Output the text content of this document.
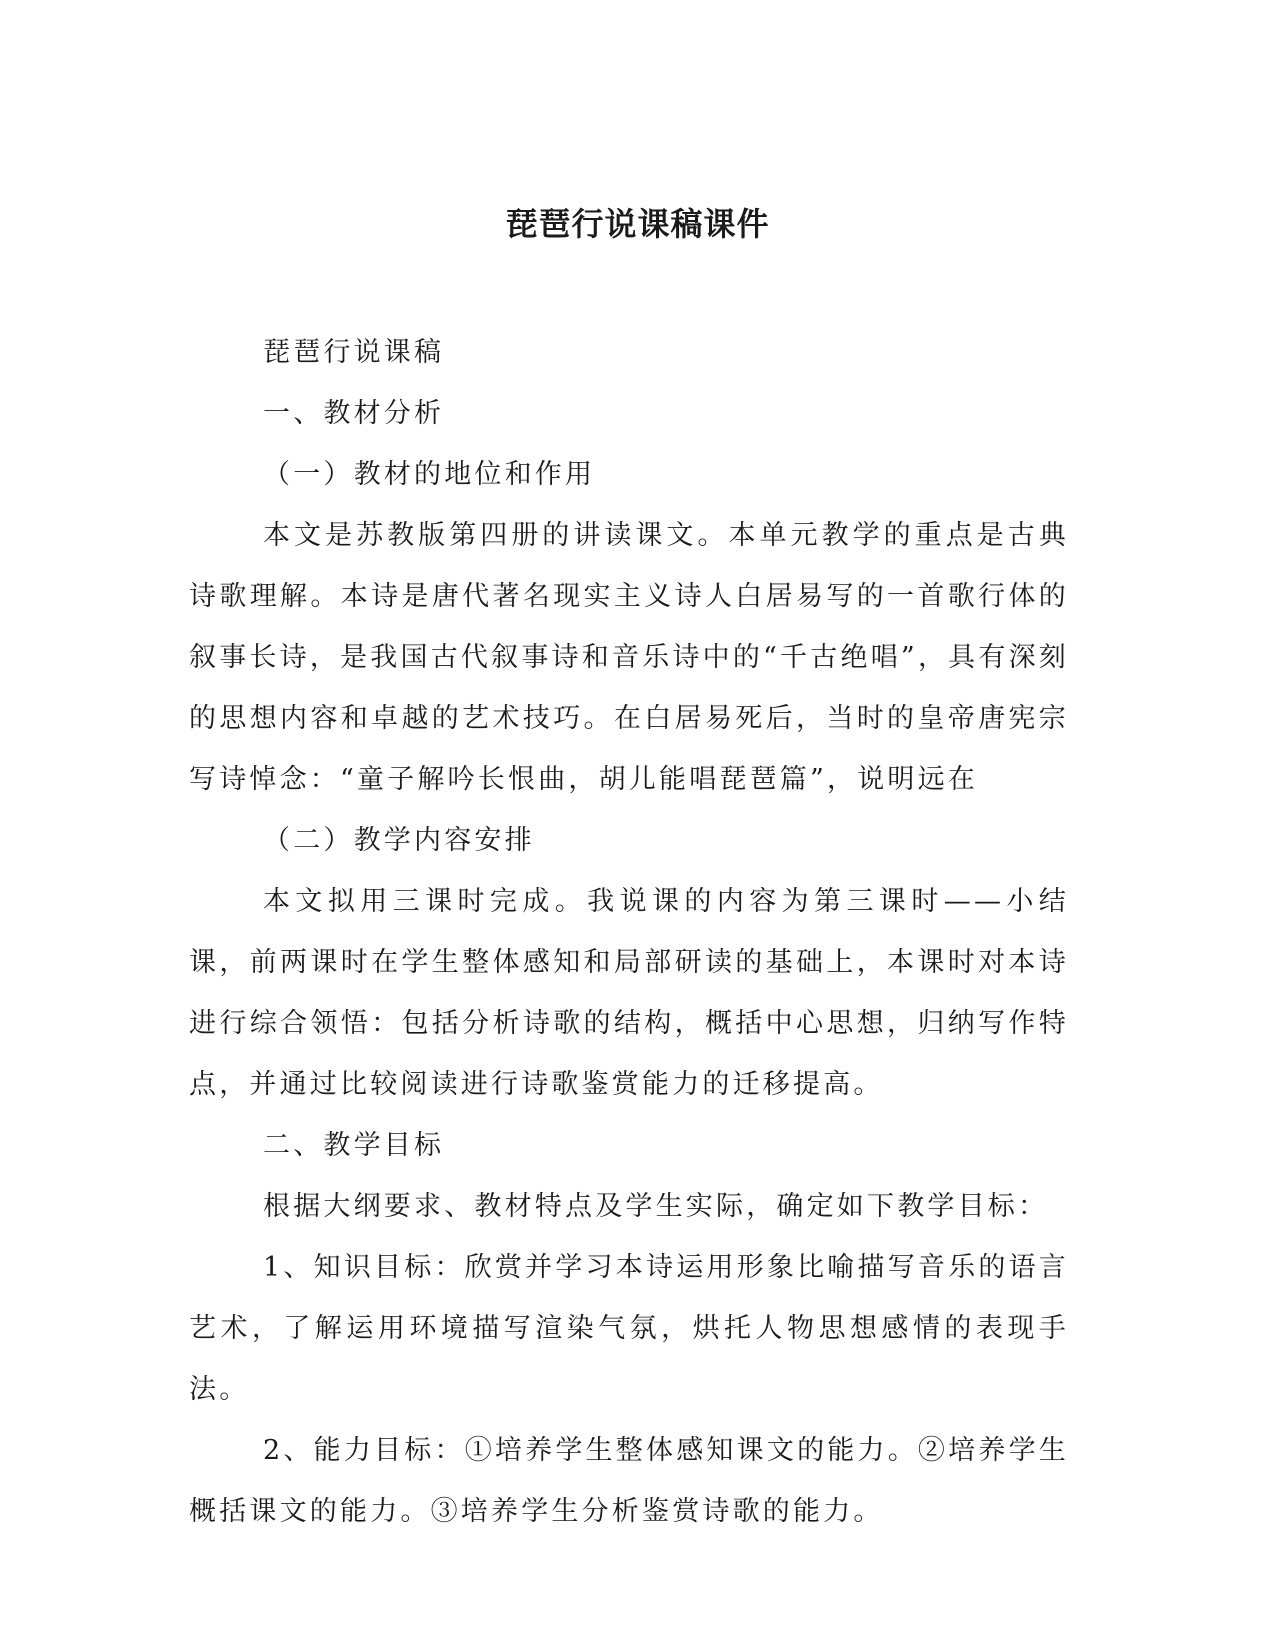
琵琶行说课稿课件

琵琶行说课稿

一、教材分析

（一）教材的地位和作用

本文是苏教版第四册的讲读课文。本单元教学的重点是古典诗歌理解。本诗是唐代著名现实主义诗人白居易写的一首歌行体的叙事长诗，是我国古代叙事诗和音乐诗中的“千古绝唱”，具有深刻的思想内容和卓越的艺术技巧。在白居易死后，当时的皇帝唐宪宗写诗悼念：“童子解吟长恨曲，胡儿能唱琵琶篇”，说明远在

（二）教学内容安排

本文拟用三课时完成。我说课的内容为第三课时——小结课，前两课时在学生整体感知和局部研读的基础上，本课时对本诗进行综合领悟：包括分析诗歌的结构，概括中心思想，归纳写作特点，并通过比较阅读进行诗歌鉴赏能力的迁移提高。

二、教学目标

根据大纲要求、教材特点及学生实际，确定如下教学目标：

1、知识目标：欣赏并学习本诗运用形象比喻描写音乐的语言艺术，了解运用环境描写渲染气氛，烘托人物思想感情的表现手法。

2、能力目标：①培养学生整体感知课文的能力。②培养学生概括课文的能力。③培养学生分析鉴赏诗歌的能力。
